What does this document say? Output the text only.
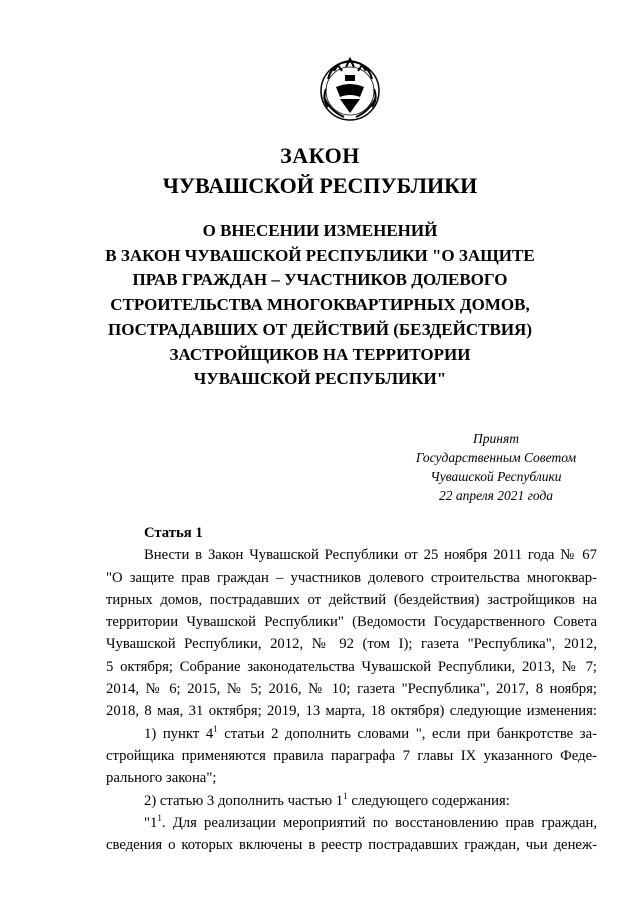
ЗАКОН
ЧУВАШСКОЙ РЕСПУБЛИКИ
О ВНЕСЕНИИ ИЗМЕНЕНИЙ
В ЗАКОН ЧУВАШСКОЙ РЕСПУБЛИКИ "О ЗАЩИТЕ
ПРАВ ГРАЖДАН – УЧАСТНИКОВ ДОЛЕВОГО
СТРОИТЕЛЬСТВА МНОГОКВАРТИРНЫХ ДОМОВ,
ПОСТРАДАВШИХ ОТ ДЕЙСТВИЙ (БЕЗДЕЙСТВИЯ)
ЗАСТРОЙЩИКОВ НА ТЕРРИТОРИИ
ЧУВАШСКОЙ РЕСПУБЛИКИ"
Принят
Государственным Советом
Чувашской Республики
22 апреля 2021 года
Статья 1
Внести в Закон Чувашской Республики от 25 ноября 2011 года № 67
"О защите прав граждан – участников долевого строительства многоквар-
тирных домов, пострадавших от действий (бездействия) застройщиков на
территории Чувашской Республики" (Ведомости Государственного Совета
Чувашской Республики, 2012, № 92 (том I); газета "Республика", 2012,
5 октября; Собрание законодательства Чувашской Республики, 2013, № 7;
2014, № 6; 2015, № 5; 2016, № 10; газета "Республика", 2017, 8 ноября;
2018, 8 мая, 31 октября; 2019, 13 марта, 18 октября) следующие изменения:
1) пункт $4^1$ статьи 2 дополнить словами ", если при банкротстве за-
стройщика применяются правила параграфа 7 главы IX указанного Феде-
рального закона";
2) статью 3 дополнить частью $1^1$ следующего содержания:
"$1^1$. Для реализации мероприятий по восстановлению прав граждан,
сведения о которых включены в реестр пострадавших граждан, чьи денеж-
